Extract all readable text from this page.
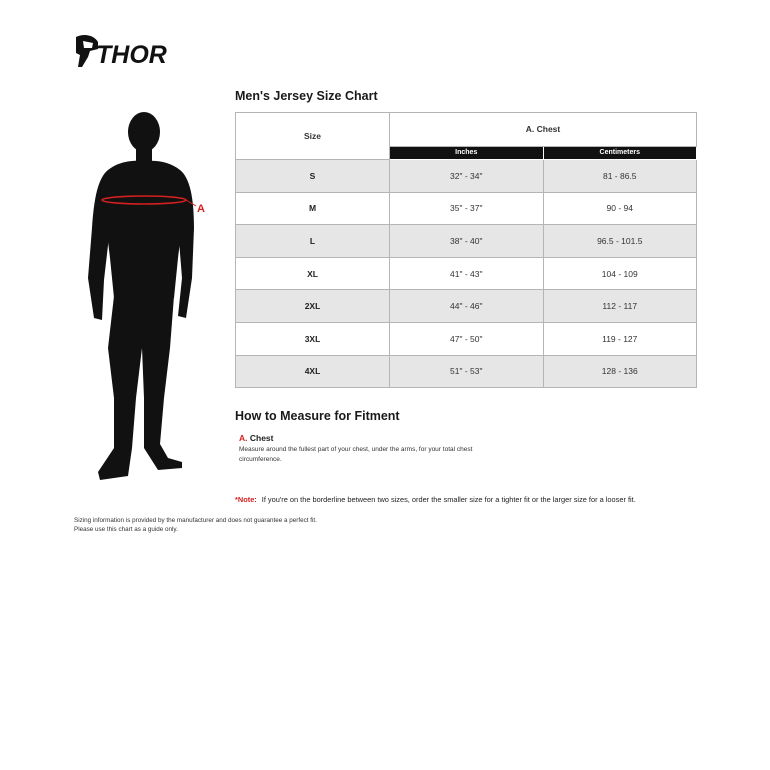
THOR
A
Men's Jersey Size Chart
Size	A. Chest	
	Inches	Centimeters
S	32" - 34"	81 - 86.5
M	35" - 37"	90 - 94
L	38" - 40"	96.5 - 101.5
XL	41" - 43"	104 - 109
2XL	44" - 46"	112 - 117
3XL	47" - 50"	119 - 127
4XL	51" - 53"	128 - 136
How to Measure for Fitment
A. Chest
Measure around the fullest part of your chest, under the arms, for your total chest circumference.
*Note: If you're on the borderline between two sizes, order the smaller size for a tighter fit or the larger size for a looser fit.
Sizing information is provided by the manufacturer and does not guarantee a perfect fit.
Please use this chart as a guide only.
